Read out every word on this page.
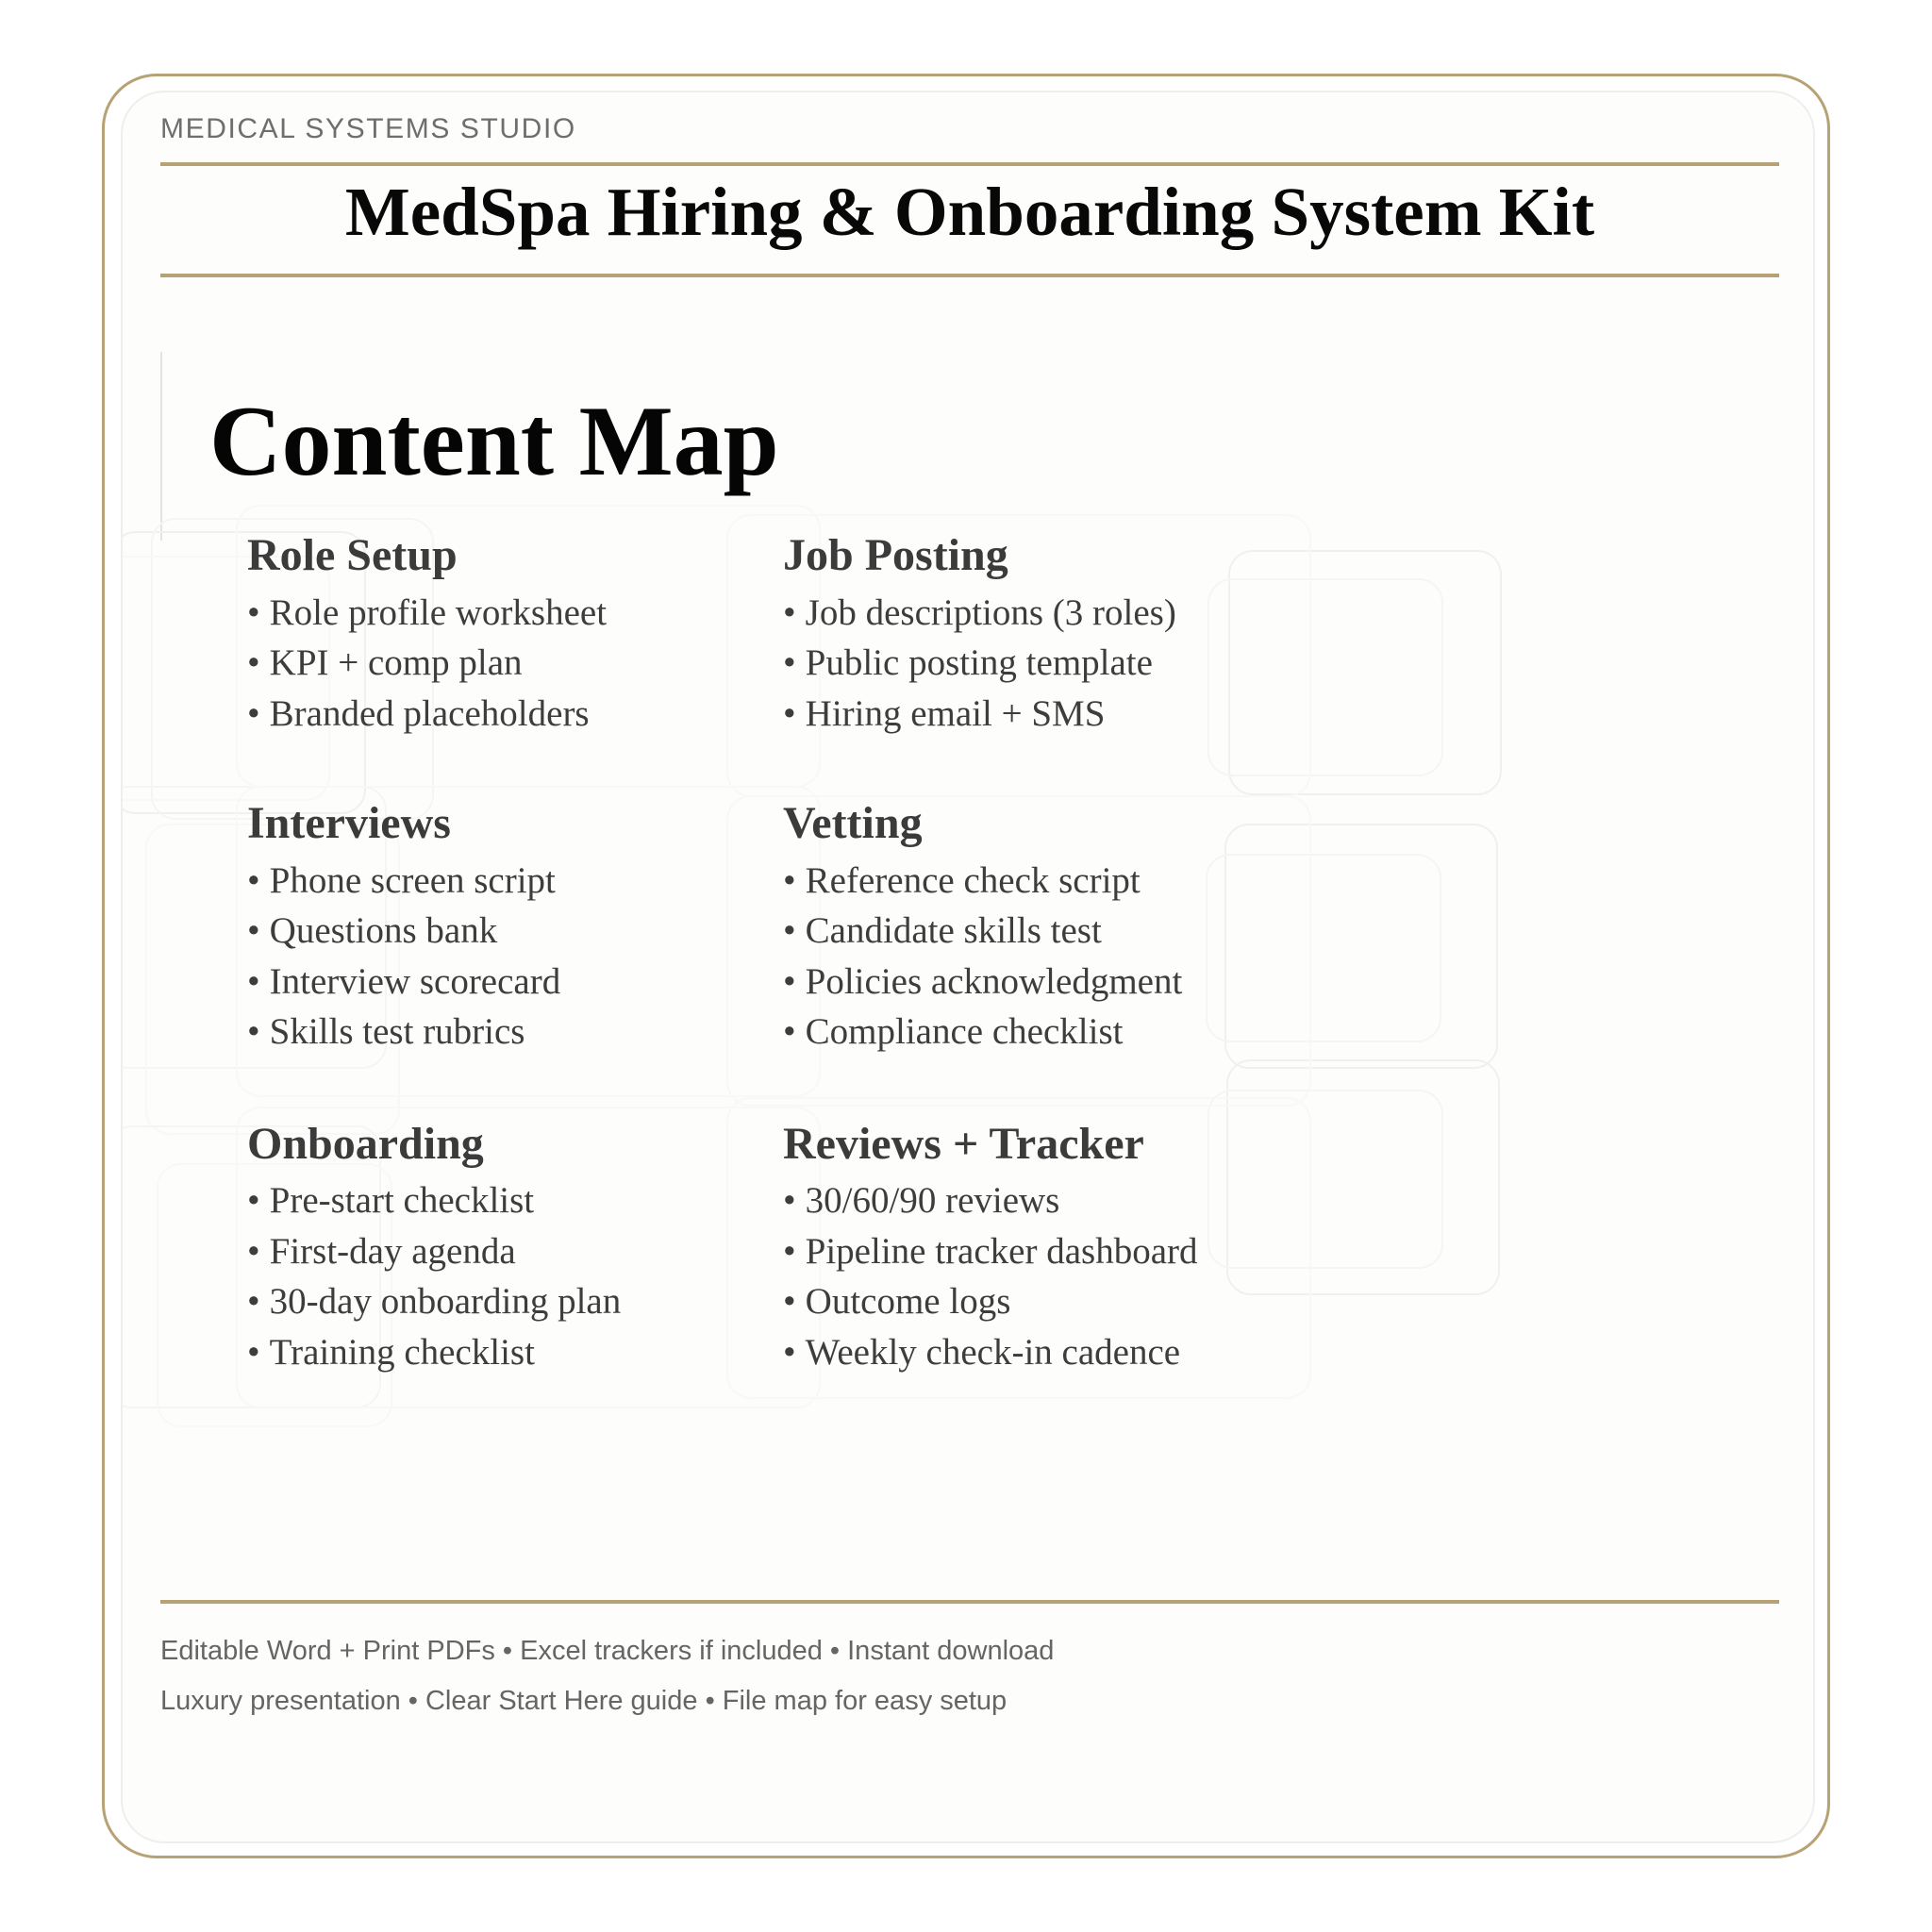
MEDICAL SYSTEMS STUDIO
MedSpa Hiring & Onboarding System Kit
Content Map
Role Setup
• Role profile worksheet
• KPI + comp plan
• Branded placeholders
Job Posting
• Job descriptions (3 roles)
• Public posting template
• Hiring email + SMS
Interviews
• Phone screen script
• Questions bank
• Interview scorecard
• Skills test rubrics
Vetting
• Reference check script
• Candidate skills test
• Policies acknowledgment
• Compliance checklist
Onboarding
• Pre-start checklist
• First-day agenda
• 30-day onboarding plan
• Training checklist
Reviews + Tracker
• 30/60/90 reviews
• Pipeline tracker dashboard
• Outcome logs
• Weekly check-in cadence
Editable Word + Print PDFs • Excel trackers if included • Instant download
Luxury presentation • Clear Start Here guide • File map for easy setup
